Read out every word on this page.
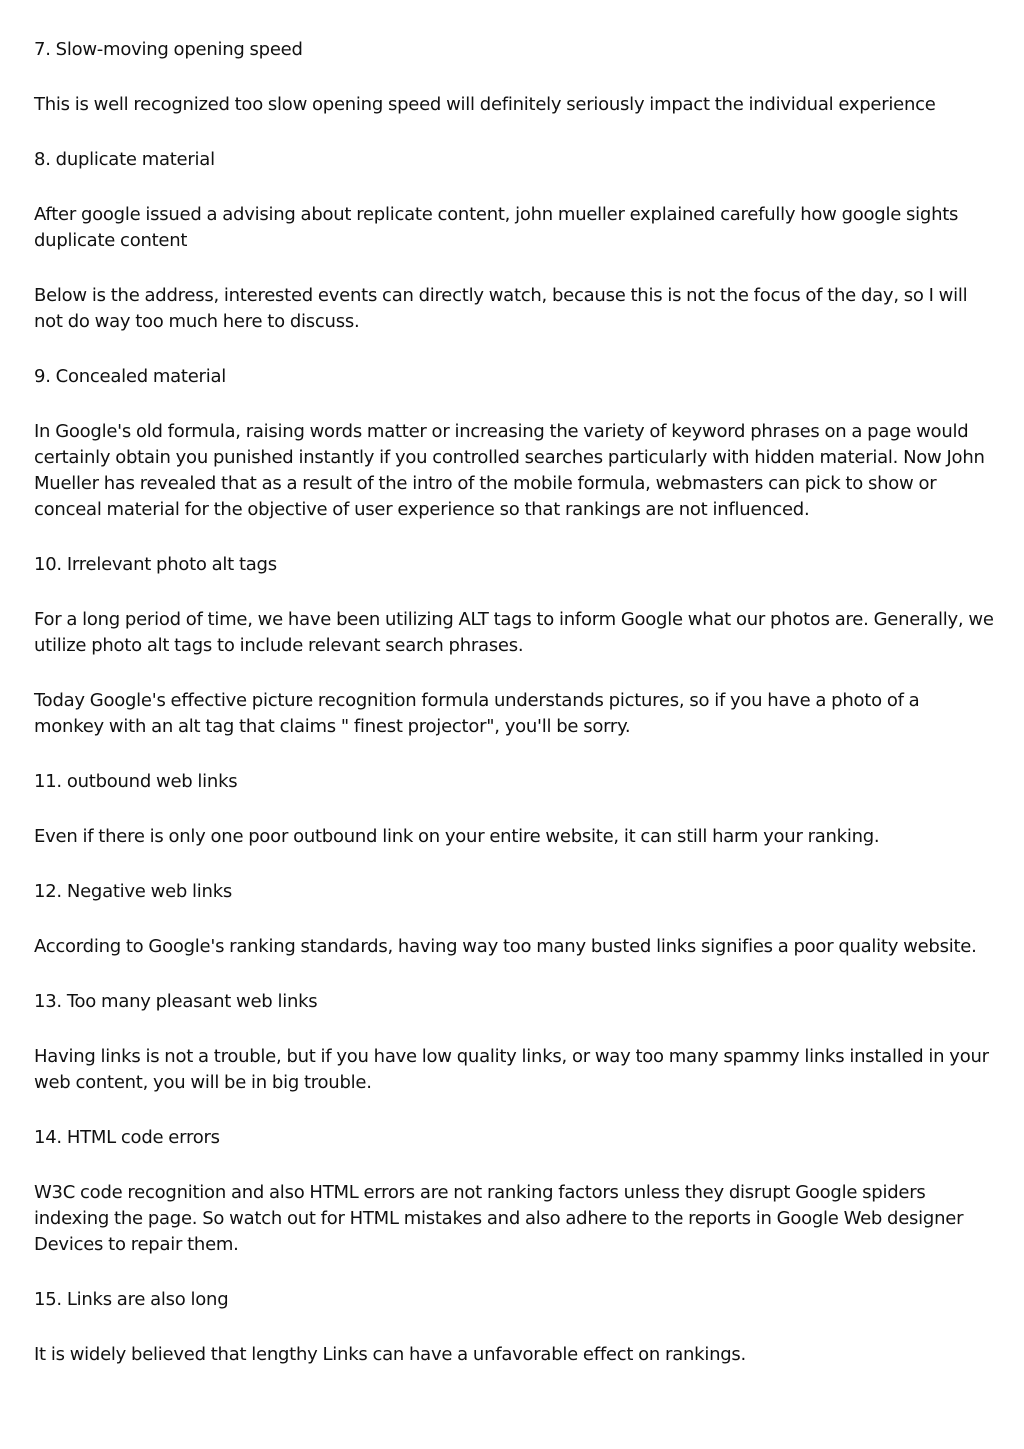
7. Slow-moving opening speed

This is well recognized too slow opening speed will definitely seriously impact the individual experience

8. duplicate material

After google issued a advising about replicate content, john mueller explained carefully how google sights duplicate content

Below is the address, interested events can directly watch, because this is not the focus of the day, so I will not do way too much here to discuss.

9. Concealed material

In Google's old formula, raising words matter or increasing the variety of keyword phrases on a page would certainly obtain you punished instantly if you controlled searches particularly with hidden material. Now John Mueller has revealed that as a result of the intro of the mobile formula, webmasters can pick to show or conceal material for the objective of user experience so that rankings are not influenced.

10. Irrelevant photo alt tags

For a long period of time, we have been utilizing ALT tags to inform Google what our photos are. Generally, we utilize photo alt tags to include relevant search phrases.

Today Google's effective picture recognition formula understands pictures, so if you have a photo of a monkey with an alt tag that claims " finest projector", you'll be sorry.

11. outbound web links

Even if there is only one poor outbound link on your entire website, it can still harm your ranking.

12. Negative web links

According to Google's ranking standards, having way too many busted links signifies a poor quality website.

13. Too many pleasant web links

Having links is not a trouble, but if you have low quality links, or way too many spammy links installed in your web content, you will be in big trouble.

14. HTML code errors

W3C code recognition and also HTML errors are not ranking factors unless they disrupt Google spiders indexing the page. So watch out for HTML mistakes and also adhere to the reports in Google Web designer Devices to repair them.

15. Links are also long

It is widely believed that lengthy Links can have a unfavorable effect on rankings.
